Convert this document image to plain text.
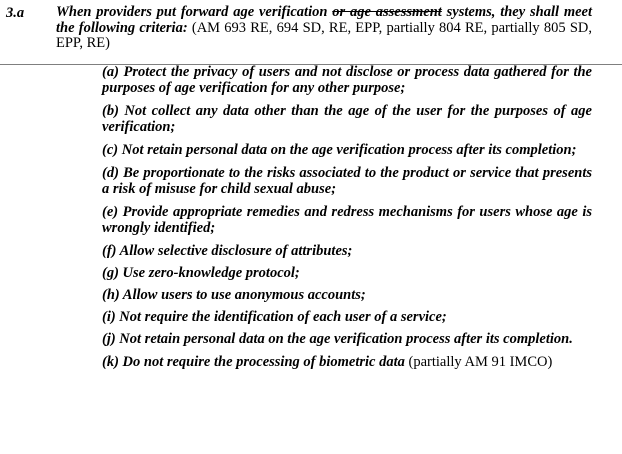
3.a When providers put forward age verification or age assessment systems, they shall meet the following criteria: (AM 693 RE, 694 SD, RE, EPP, partially 804 RE, partially 805 SD, EPP, RE)
(a) Protect the privacy of users and not disclose or process data gathered for the purposes of age verification for any other purpose;
(b) Not collect any data other than the age of the user for the purposes of age verification;
(c) Not retain personal data on the age verification process after its completion;
(d) Be proportionate to the risks associated to the product or service that presents a risk of misuse for child sexual abuse;
(e) Provide appropriate remedies and redress mechanisms for users whose age is wrongly identified;
(f) Allow selective disclosure of attributes;
(g) Use zero-knowledge protocol;
(h) Allow users to use anonymous accounts;
(i) Not require the identification of each user of a service;
(j) Not retain personal data on the age verification process after its completion.
(k) Do not require the processing of biometric data (partially AM 91 IMCO)
